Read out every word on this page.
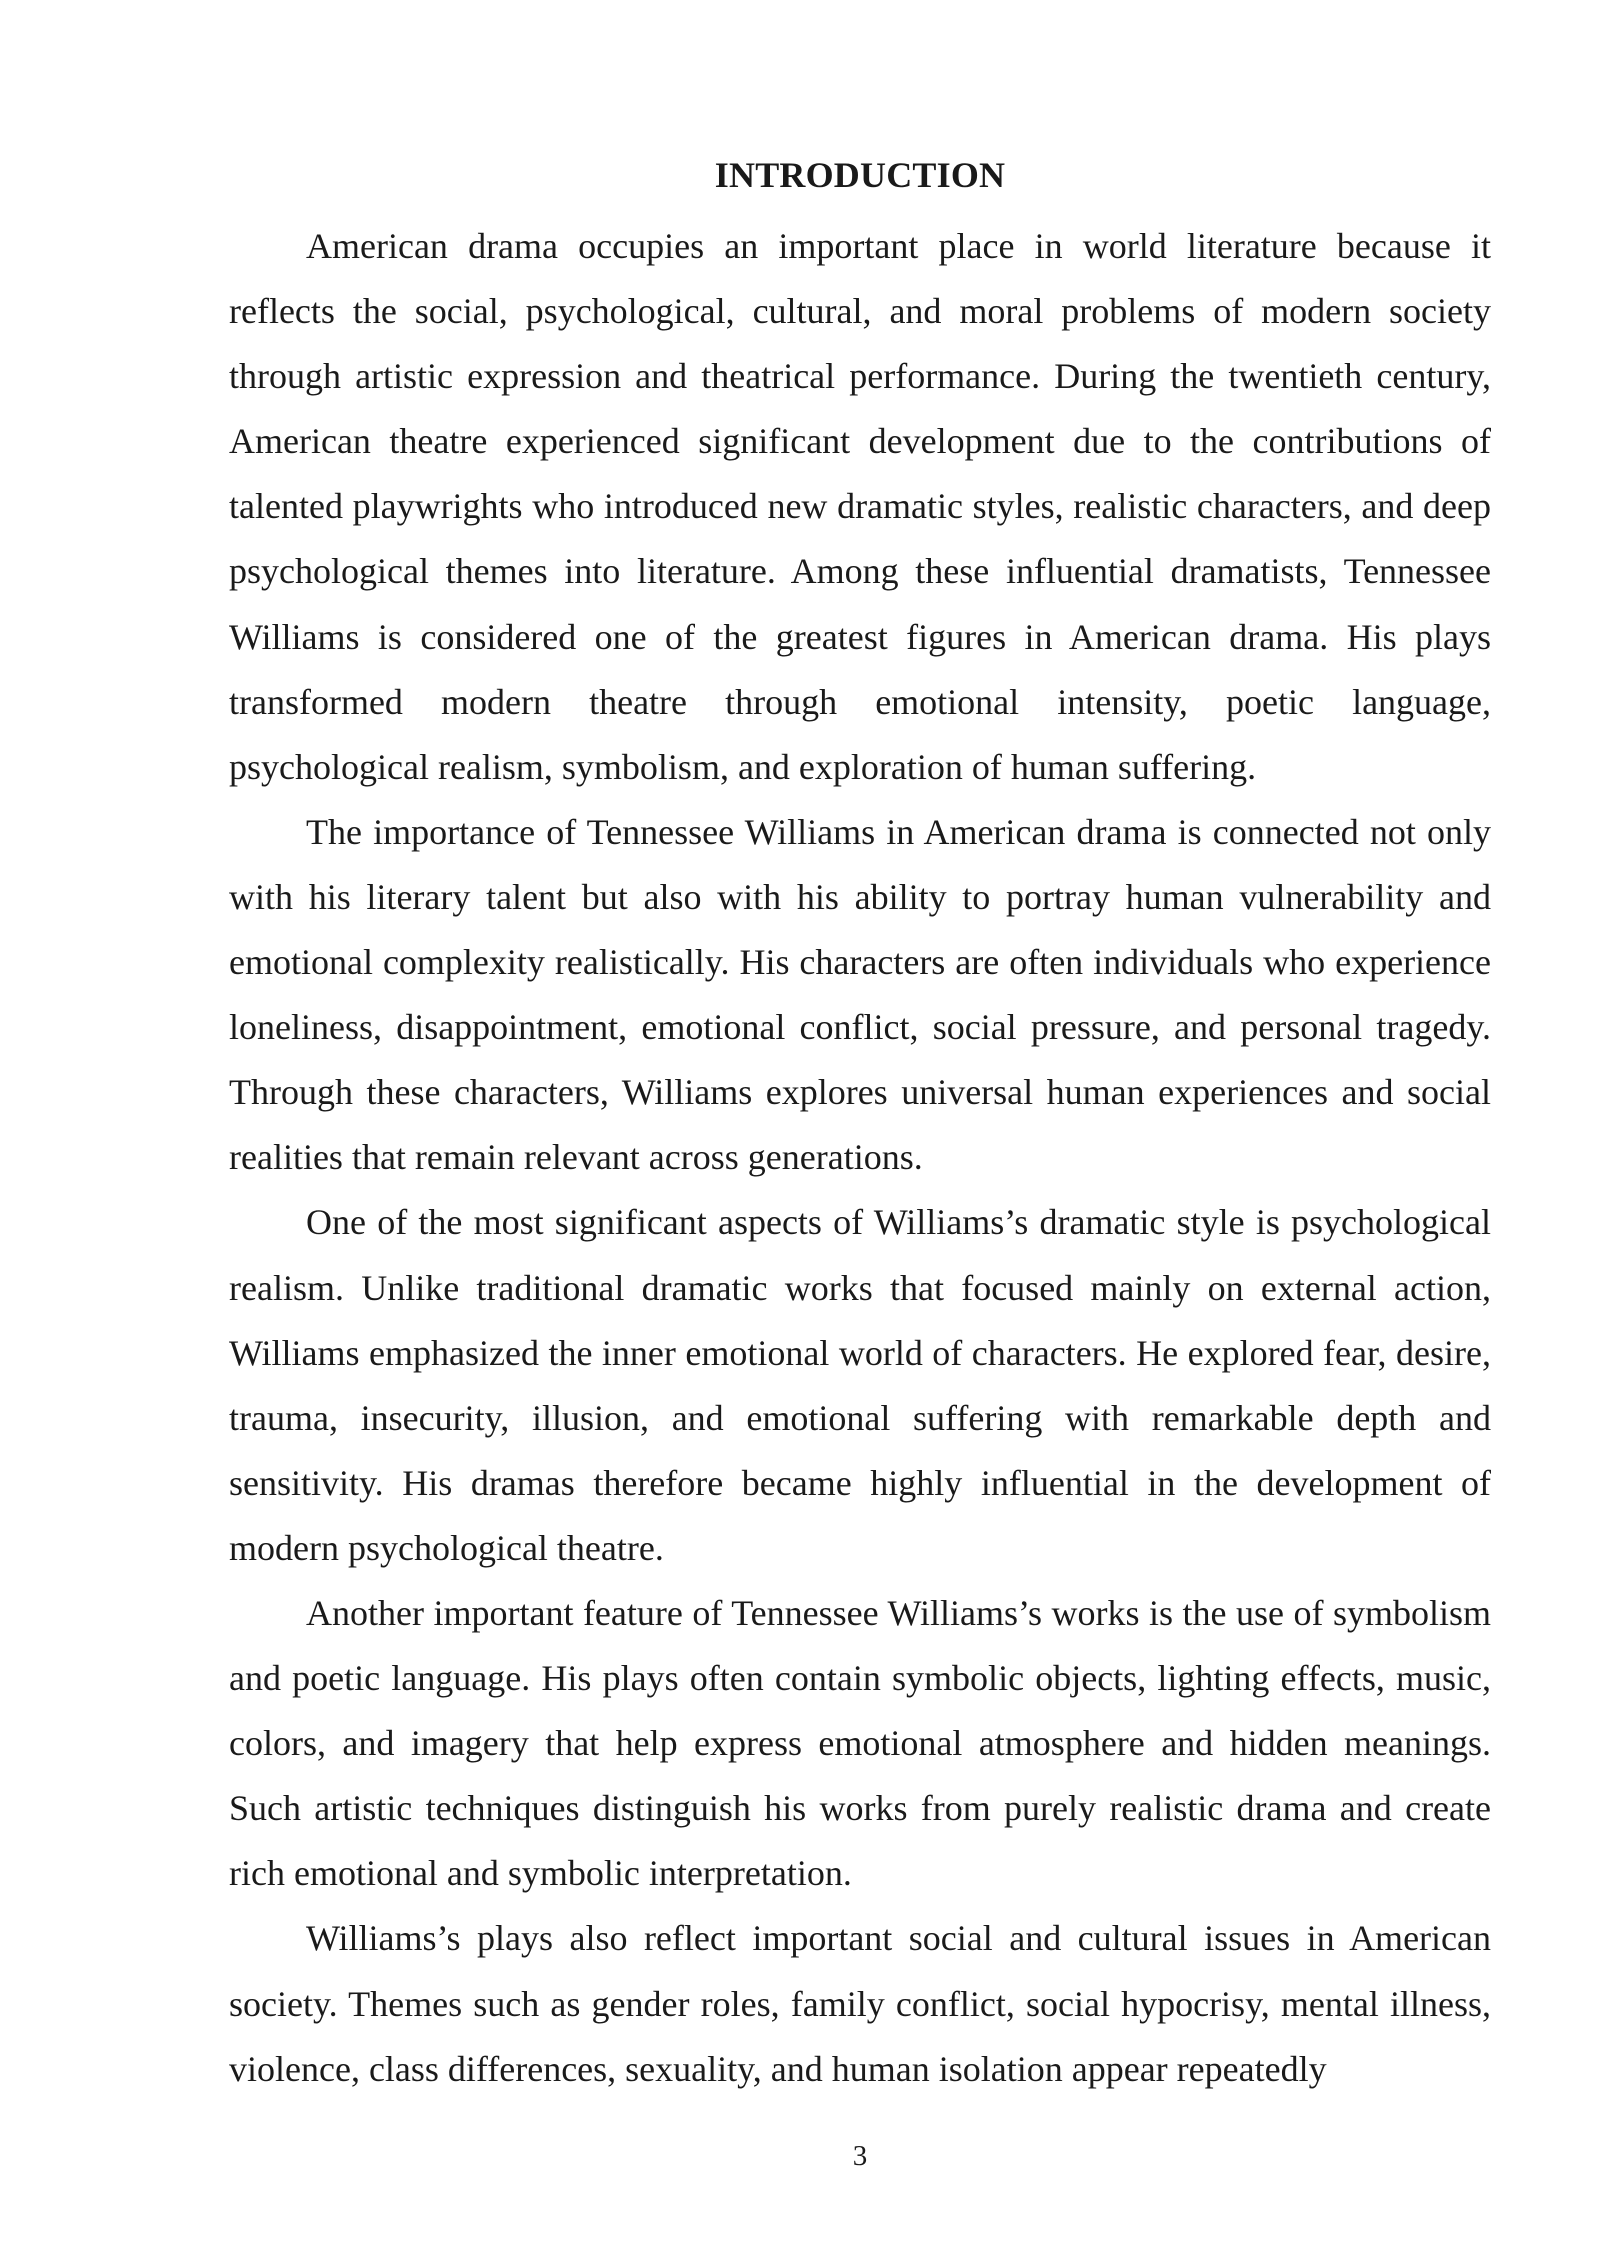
INTRODUCTION

American drama occupies an important place in world literature because it reflects the social, psychological, cultural, and moral problems of modern society through artistic expression and theatrical performance. During the twentieth century, American theatre experienced significant development due to the contributions of talented playwrights who introduced new dramatic styles, realistic characters, and deep psychological themes into literature. Among these influential dramatists, Tennessee Williams is considered one of the greatest figures in American drama. His plays transformed modern theatre through emotional intensity, poetic language, psychological realism, symbolism, and exploration of human suffering.

The importance of Tennessee Williams in American drama is connected not only with his literary talent but also with his ability to portray human vulnerability and emotional complexity realistically. His characters are often individuals who experience loneliness, disappointment, emotional conflict, social pressure, and personal tragedy. Through these characters, Williams explores universal human experiences and social realities that remain relevant across generations.

One of the most significant aspects of Williams’s dramatic style is psychological realism. Unlike traditional dramatic works that focused mainly on external action, Williams emphasized the inner emotional world of characters. He explored fear, desire, trauma, insecurity, illusion, and emotional suffering with remarkable depth and sensitivity. His dramas therefore became highly influential in the development of modern psychological theatre.

Another important feature of Tennessee Williams’s works is the use of symbolism and poetic language. His plays often contain symbolic objects, lighting effects, music, colors, and imagery that help express emotional atmosphere and hidden meanings. Such artistic techniques distinguish his works from purely realistic drama and create rich emotional and symbolic interpretation.

Williams’s plays also reflect important social and cultural issues in American society. Themes such as gender roles, family conflict, social hypocrisy, mental illness, violence, class differences, sexuality, and human isolation appear repeatedly

3
